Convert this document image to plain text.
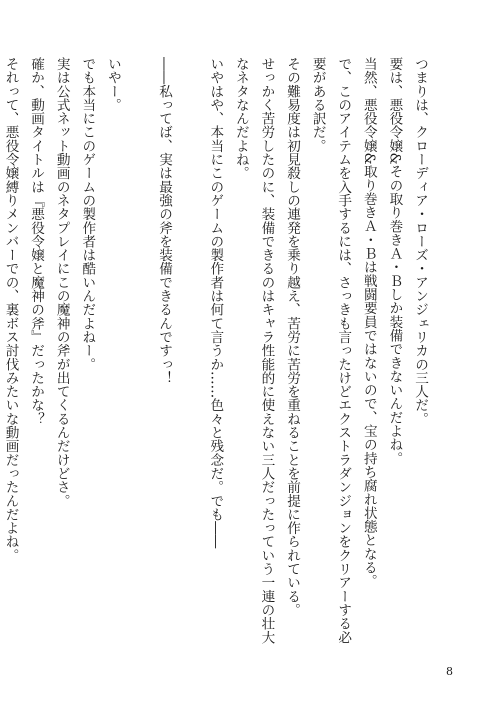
つまりは、クローディア・ローズ・アンジェリカの三人だ。
要は、悪役令嬢&その取り巻きＡ・Ｂしか装備できないんだよね。
当然、悪役令嬢&取り巻きＡ・Ｂは戦闘要員ではないので、宝の持ち腐れ状態となる。
で、このアイテムを入手するには、さっきも言ったけどエクストラダンジョンをクリアーする必
要がある訳だ。
その難易度は初見殺しの連発を乗り越え、苦労に苦労を重ねることを前提に作られている。
せっかく苦労したのに、装備できるのはキャラ性能的に使えない三人だったっていう一連の壮大
なネタなんだよね。
いやはや、本当にこのゲームの製作者は何て言うか……色々と残念だ。でも――
――私ってば、実は最強の斧を装備できるんですっ！
いやー。
でも本当にこのゲームの製作者は酷いんだよねー。
実は公式ネット動画のネタプレイにこの魔神の斧が出てくるんだけどさ。
確か、動画タイトルは『悪役令嬢と魔神の斧』だったかな？
それって、悪役令嬢縛りメンバーでの、裏ボス討伐みたいな動画だったんだよね。
8
